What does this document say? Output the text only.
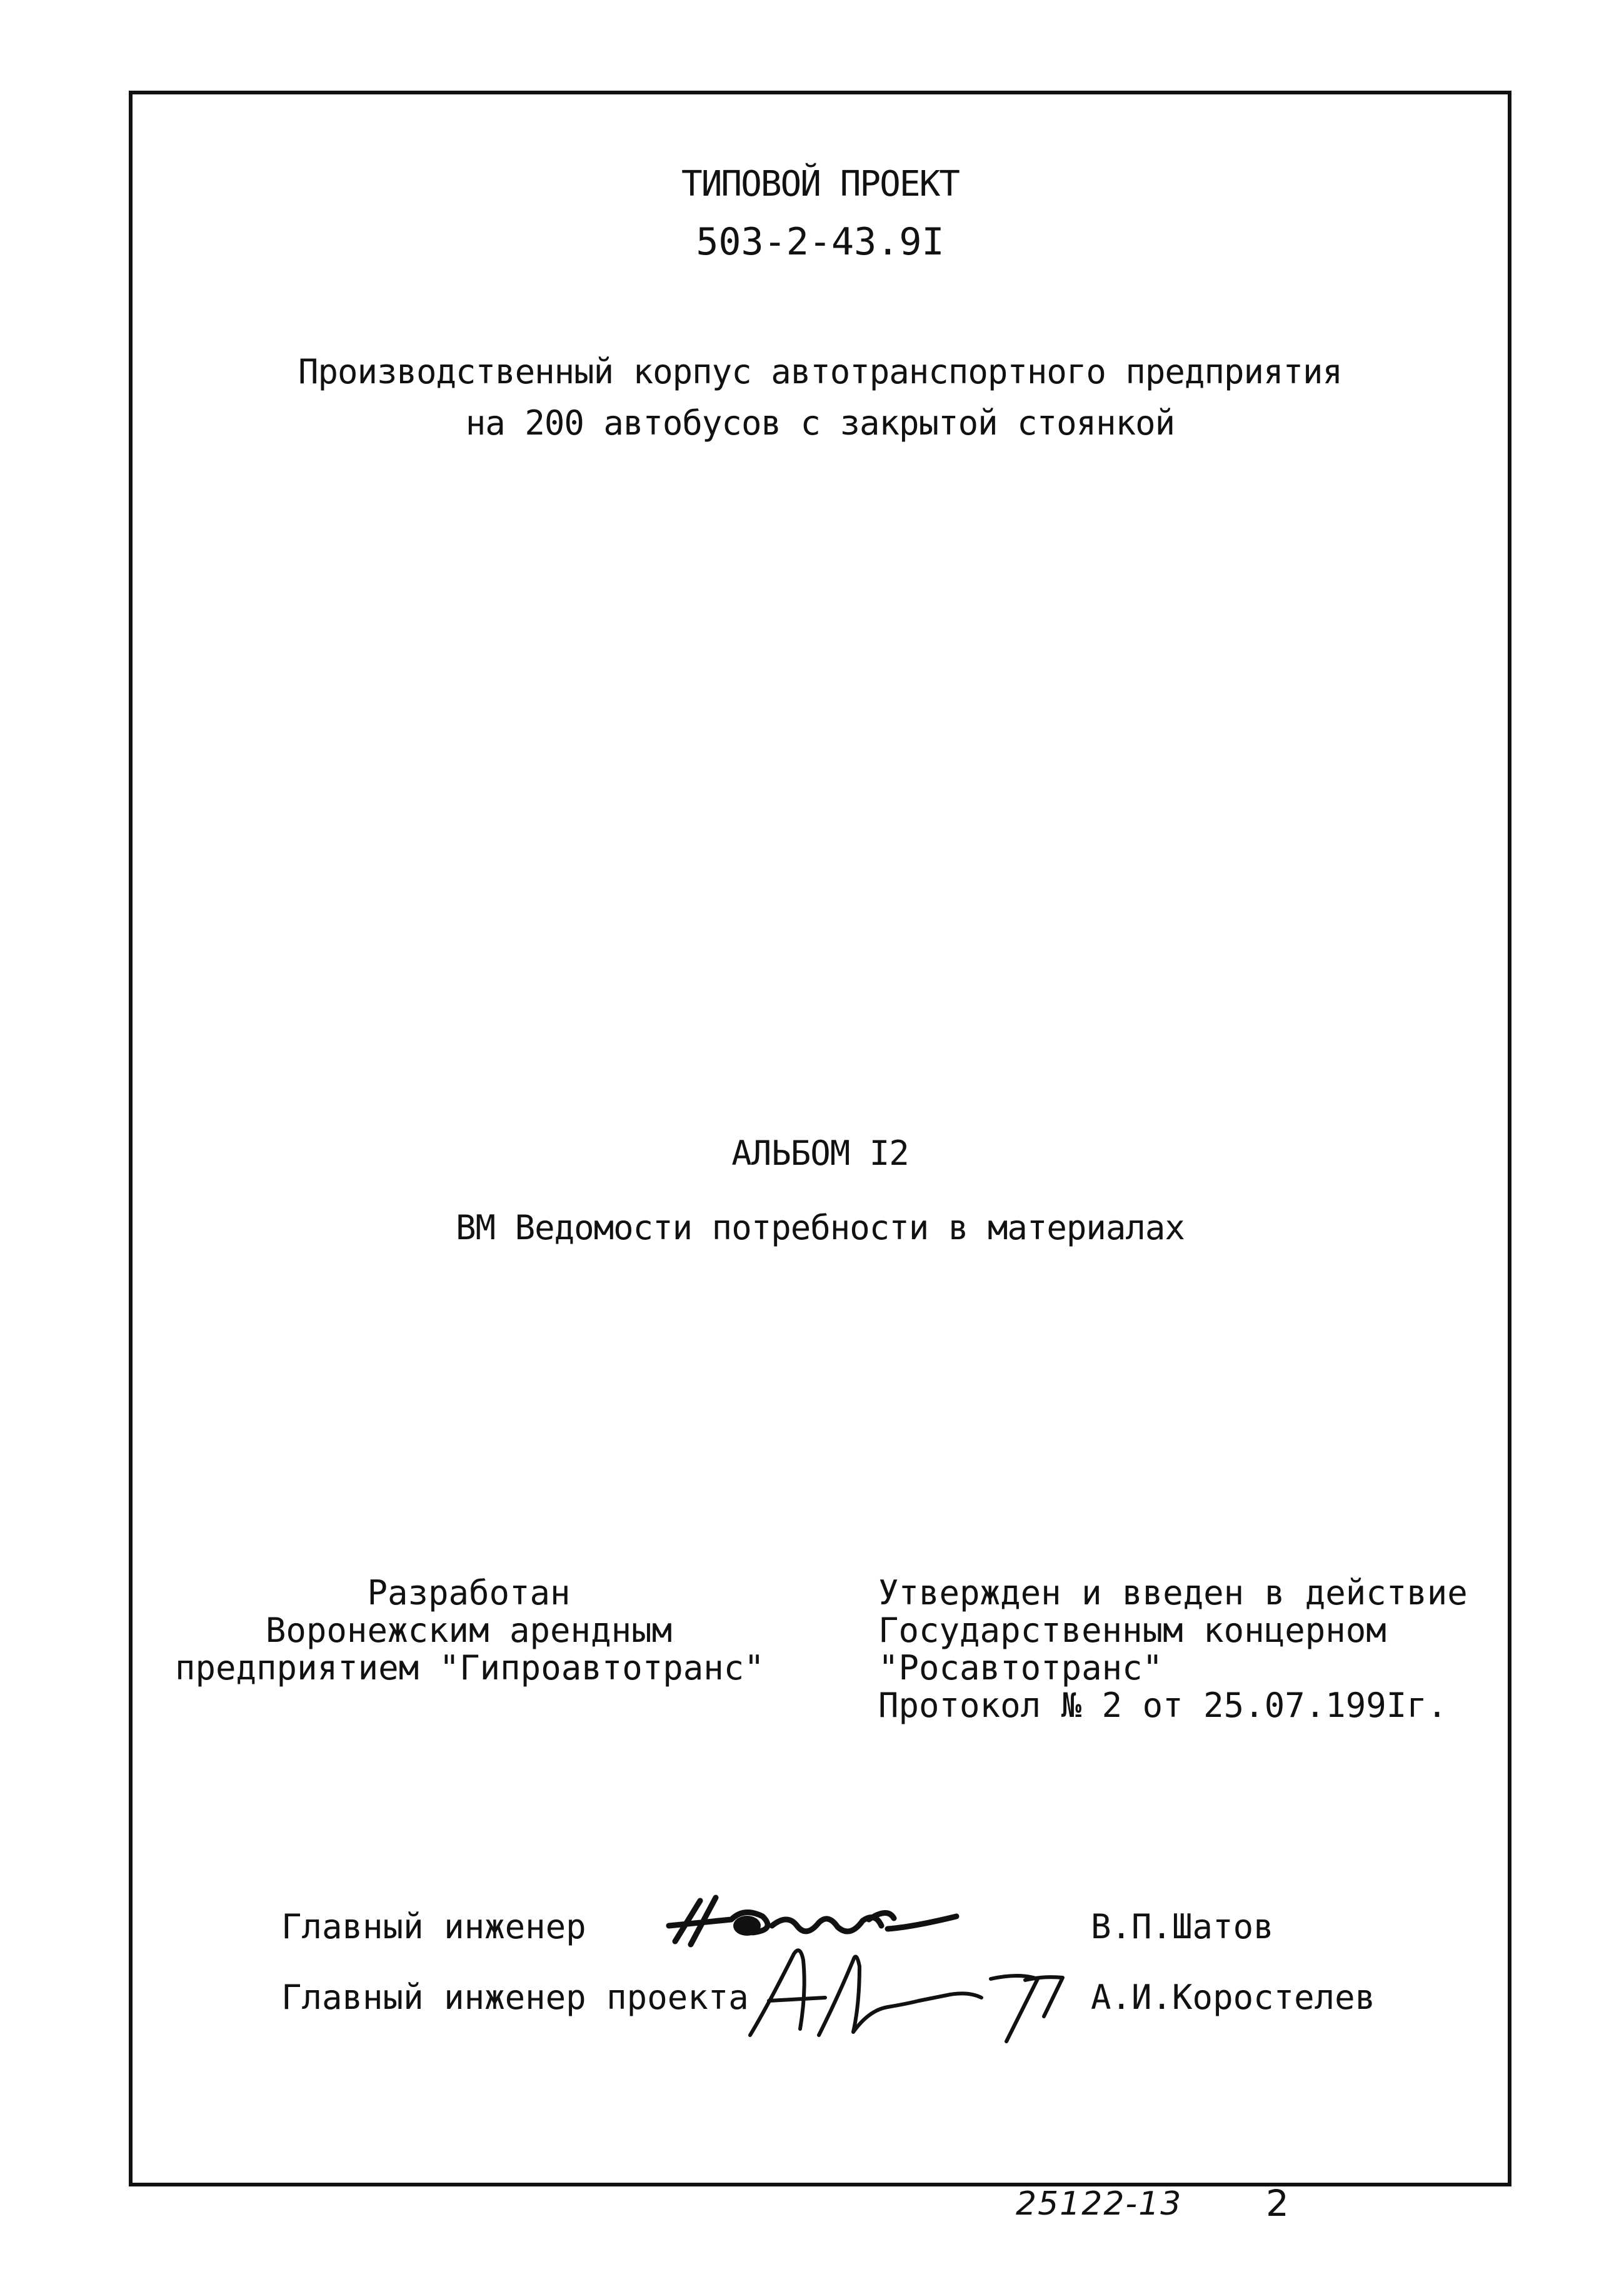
ТИПОВОЙ ПРОЕКТ
503-2-43.9I
Производственный корпус автотранспортного предприятия
на 200 автобусов с закрытой стоянкой
АЛЬБОМ I2
ВМ Ведомости потребности в материалах
Разработан
Воронежским арендным
предприятием "Гипроавтотранс"
Утвержден и введен в действие
Государственным концерном
"Росавтотранс"
Протокол № 2 от 25.07.199Iг.
Главный инженер	В.П.Шатов
Главный инженер проекта	А.И.Коростелев
25122-13 2
